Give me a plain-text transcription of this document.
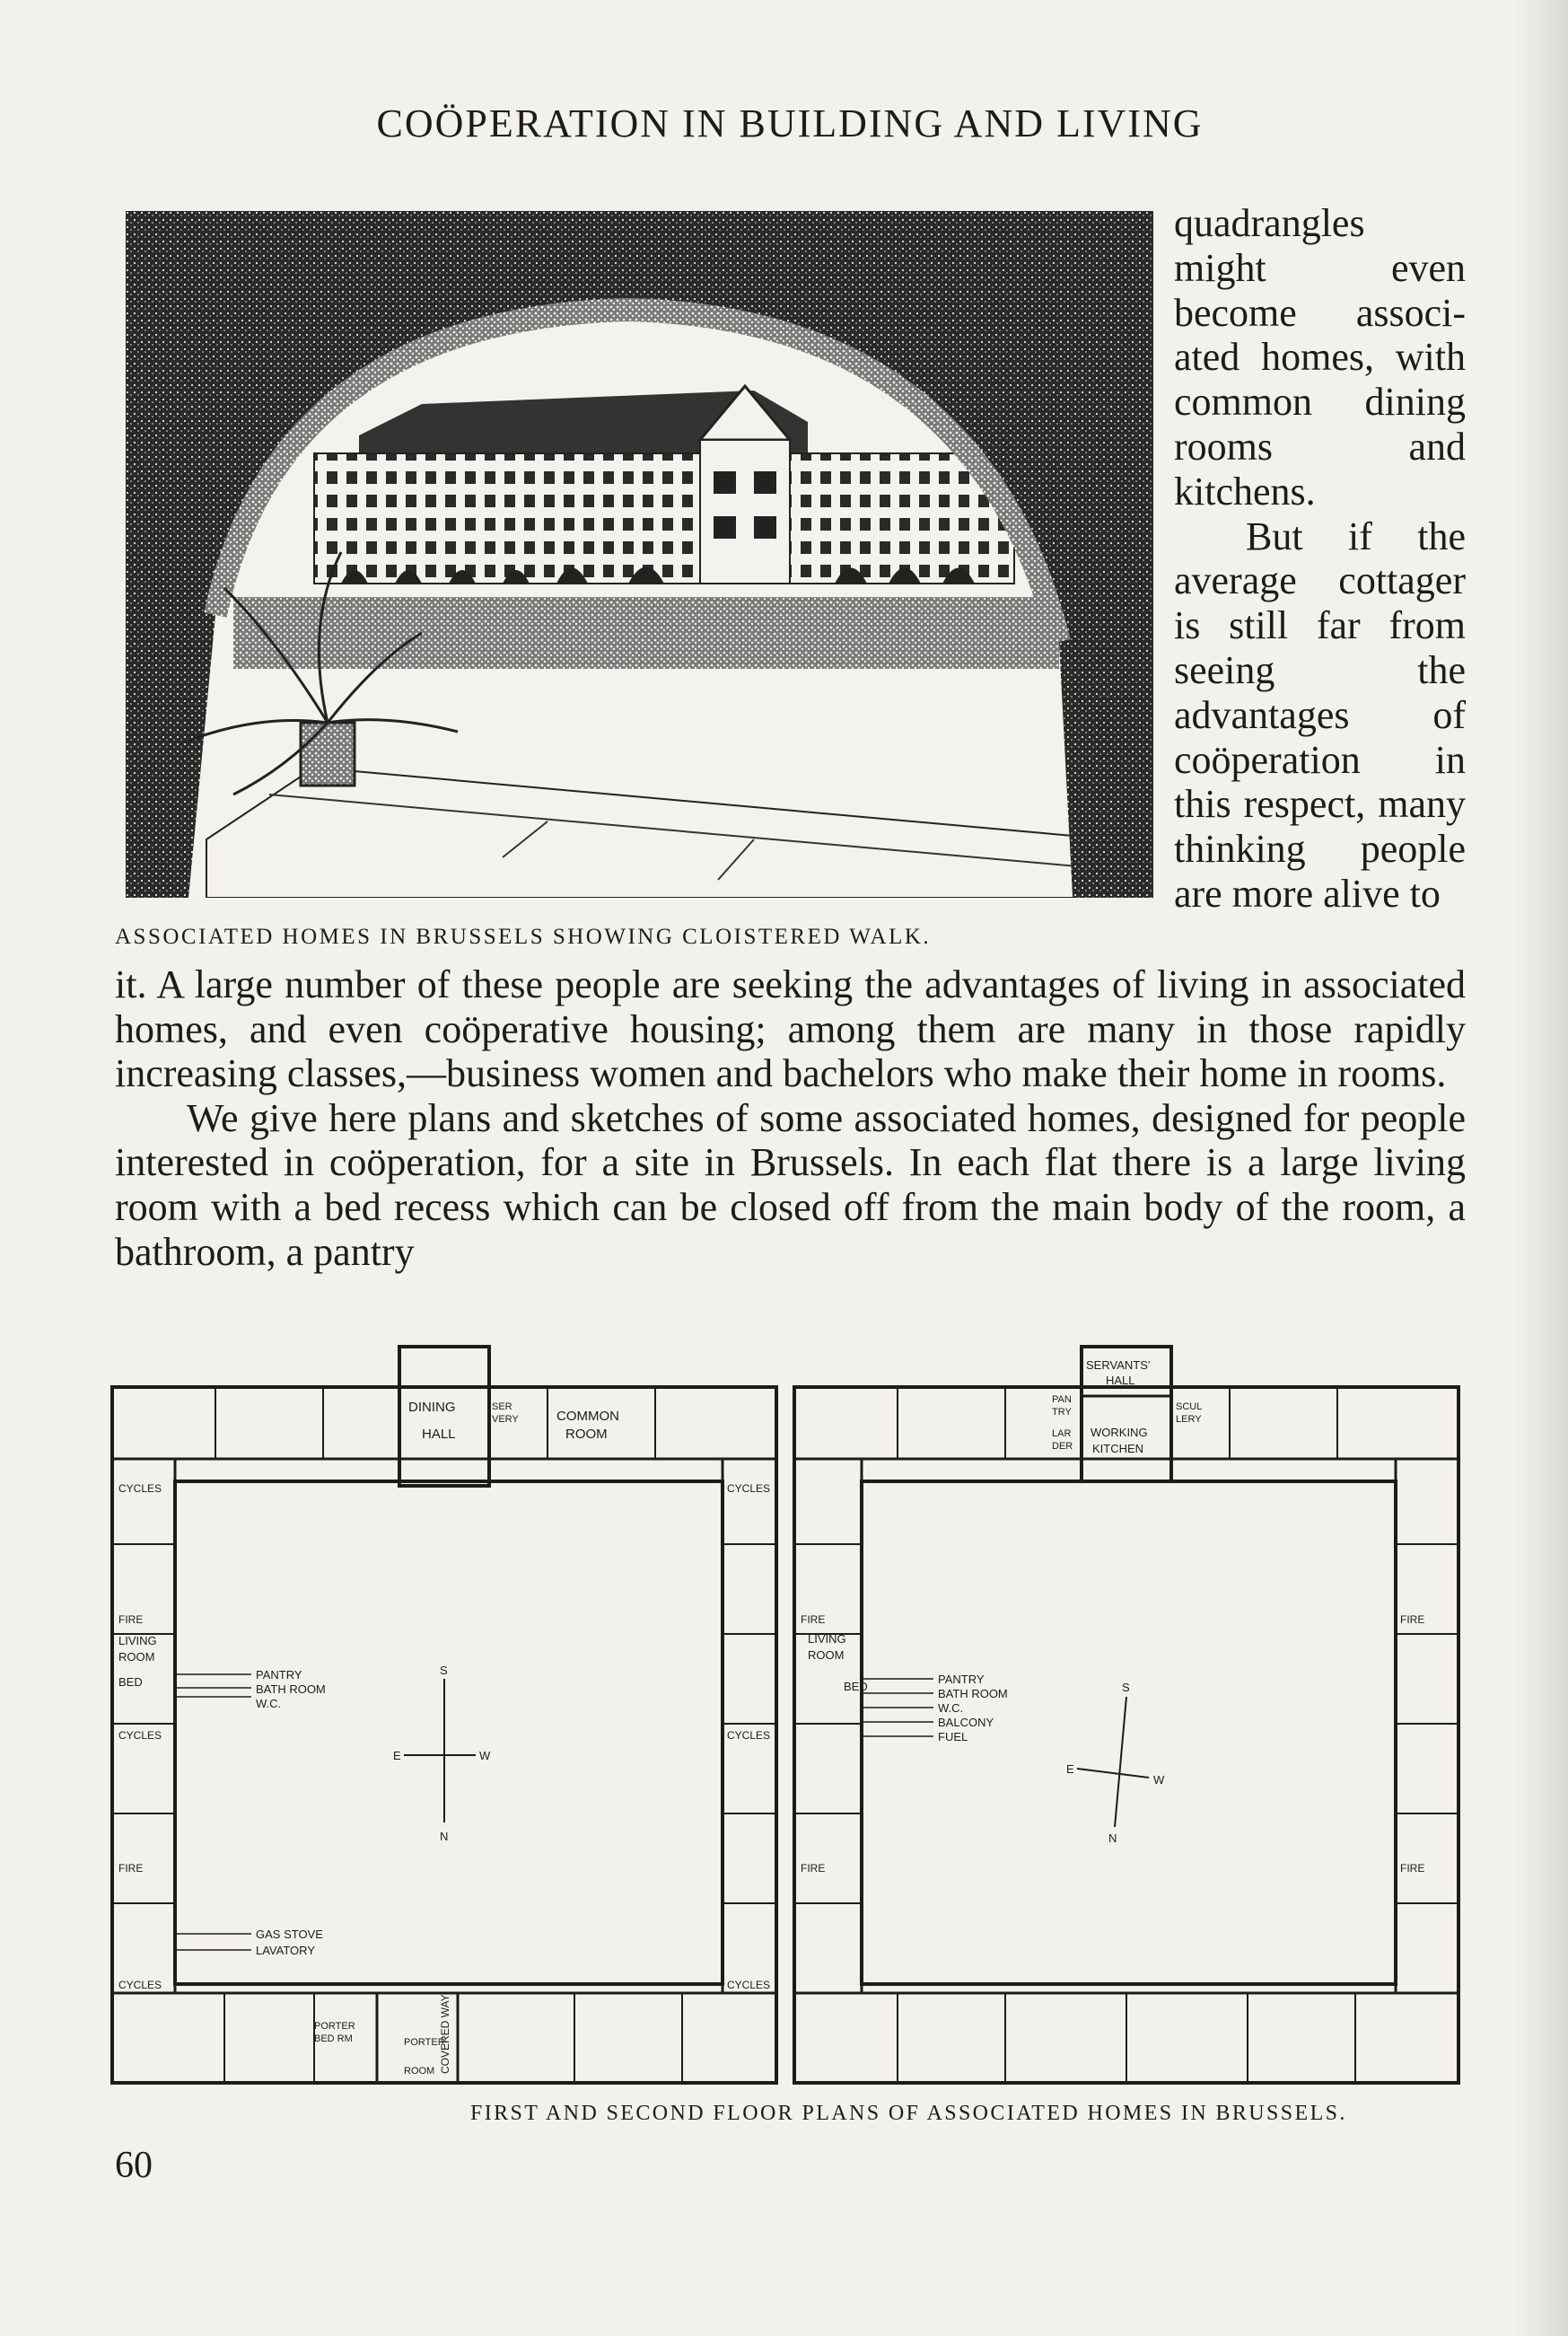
COÖPERATION IN BUILDING AND LIVING
ASSOCIATED HOMES IN BRUSSELS SHOWING CLOISTERED WALK.

quadrangles might even become associated homes, with common dining rooms and kitchens.

But if the average cottager is still far from seeing the advantages of coöperation in this respect, many thinking people are more alive to

it. A large number of these people are seeking the advantages of living in associated homes, and even coöperative housing; among them are many in those rapidly increasing classes,—business women and bachelors who make their home in rooms.

We give here plans and sketches of some associated homes, designed for people interested in coöperation, for a site in Brussels. In each flat there is a large living room with a bed recess which can be closed off from the main body of the room, a bathroom, a pantry

DINING
HALL
COMMON
ROOM
SER
VERY
CYCLES
FIRE
LIVING
ROOM
BED
CYCLES
FIRE
CYCLES
CYCLES
CYCLES
CYCLES
PANTRY
BATH ROOM
W.C.
GAS STOVE
LAVATORY
PORTER
BED RM	PORTER
ROOM COVERED WAY
S
N
E	W
SERVANTS'
HALL
WORKING
KITCHEN
PAN
TRY
LAR
DER
SCUL
LERY
FIRE
LIVING
ROOM
BED
FIRE
FIRE
FIRE
PANTRY
BATH ROOM
W.C.
BALCONY
FUEL
S
N
E
W
FIRST AND SECOND FLOOR PLANS OF ASSOCIATED HOMES IN BRUSSELS.
60
